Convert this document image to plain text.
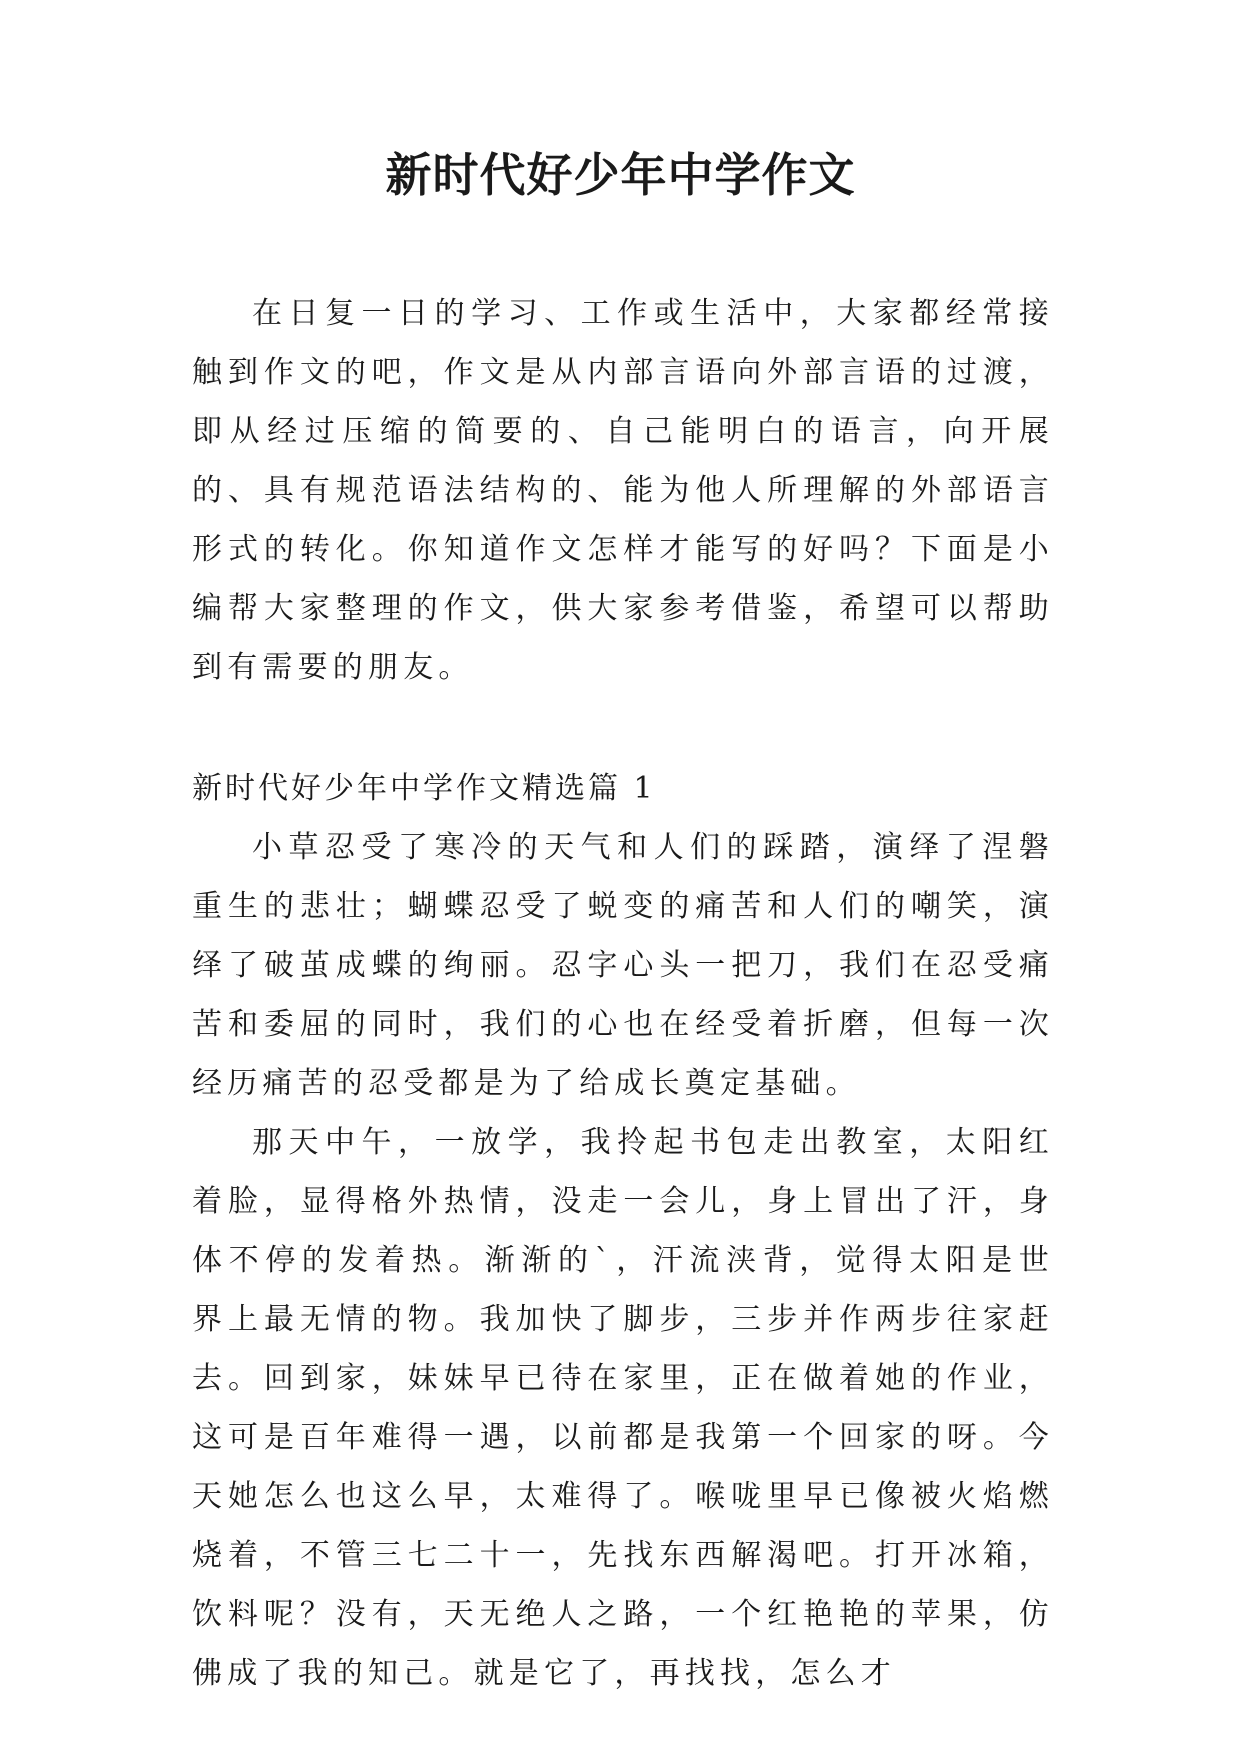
新时代好少年中学作文

在日复一日的学习、工作或生活中，大家都经常接触到作文的吧，作文是从内部言语向外部言语的过渡，即从经过压缩的简要的、自己能明白的语言，向开展的、具有规范语法结构的、能为他人所理解的外部语言形式的转化。你知道作文怎样才能写的好吗？下面是小编帮大家整理的作文，供大家参考借鉴，希望可以帮助到有需要的朋友。

新时代好少年中学作文精选篇 1

小草忍受了寒冷的天气和人们的踩踏，演绎了涅磐重生的悲壮；蝴蝶忍受了蜕变的痛苦和人们的嘲笑，演绎了破茧成蝶的绚丽。忍字心头一把刀，我们在忍受痛苦和委屈的同时，我们的心也在经受着折磨，但每一次经历痛苦的忍受都是为了给成长奠定基础。

那天中午，一放学，我拎起书包走出教室，太阳红着脸，显得格外热情，没走一会儿，身上冒出了汗，身体不停的发着热。渐渐的`，汗流浃背，觉得太阳是世界上最无情的物。我加快了脚步，三步并作两步往家赶去。回到家，妹妹早已待在家里，正在做着她的作业，这可是百年难得一遇，以前都是我第一个回家的呀。今天她怎么也这么早，太难得了。喉咙里早已像被火焰燃烧着，不管三七二十一，先找东西解渴吧。打开冰箱，饮料呢？没有，天无绝人之路，一个红艳艳的苹果，仿佛成了我的知己。就是它了，再找找，怎么才
